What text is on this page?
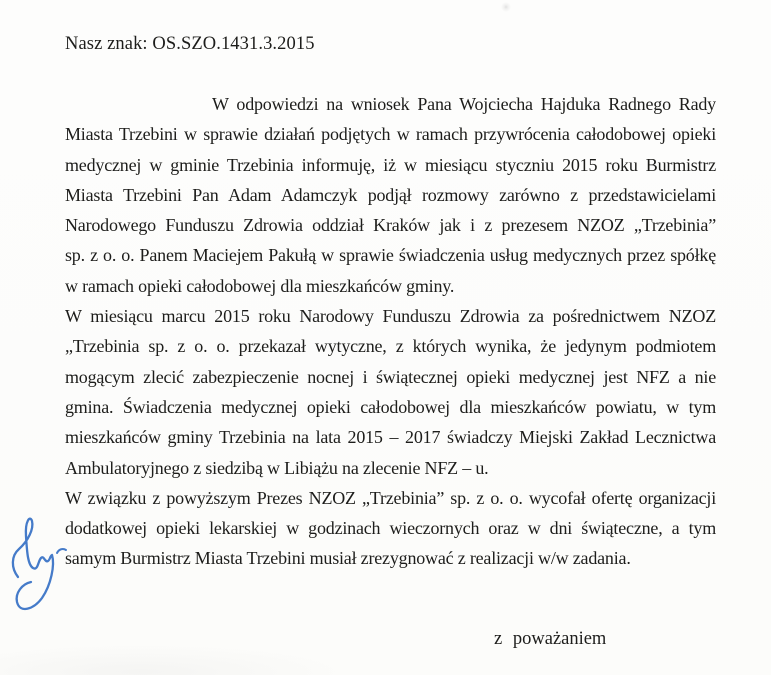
Nasz znak: OS.SZO.1431.3.2015
W odpowiedzi na wniosek Pana Wojciecha Hajduka Radnego Rady
Miasta Trzebini w sprawie działań podjętych w ramach przywrócenia całodobowej opieki
medycznej w gminie Trzebinia informuję, iż w miesiącu styczniu 2015 roku Burmistrz
Miasta Trzebini Pan Adam Adamczyk podjął rozmowy zarówno z przedstawicielami
Narodowego Funduszu Zdrowia oddział Kraków jak i z prezesem NZOZ „Trzebinia”
sp. z o. o. Panem Maciejem Pakułą w sprawie świadczenia usług medycznych przez spółkę
w ramach opieki całodobowej dla mieszkańców gminy.
W miesiącu marcu 2015 roku Narodowy Funduszu Zdrowia za pośrednictwem NZOZ
„Trzebinia sp. z o. o. przekazał wytyczne, z których wynika, że jedynym podmiotem
mogącym zlecić zabezpieczenie nocnej i świątecznej opieki medycznej jest NFZ a nie
gmina. Świadczenia medycznej opieki całodobowej dla mieszkańców powiatu, w tym
mieszkańców gminy Trzebinia na lata 2015 – 2017 świadczy Miejski Zakład Lecznictwa
Ambulatoryjnego z siedzibą w Libiążu na zlecenie NFZ – u.
W związku z powyższym Prezes NZOZ „Trzebinia” sp. z o. o. wycofał ofertę organizacji
dodatkowej opieki lekarskiej w godzinach wieczornych oraz w dni świąteczne, a tym
samym Burmistrz Miasta Trzebini musiał zrezygnować z realizacji w/w zadania.
z poważaniem
